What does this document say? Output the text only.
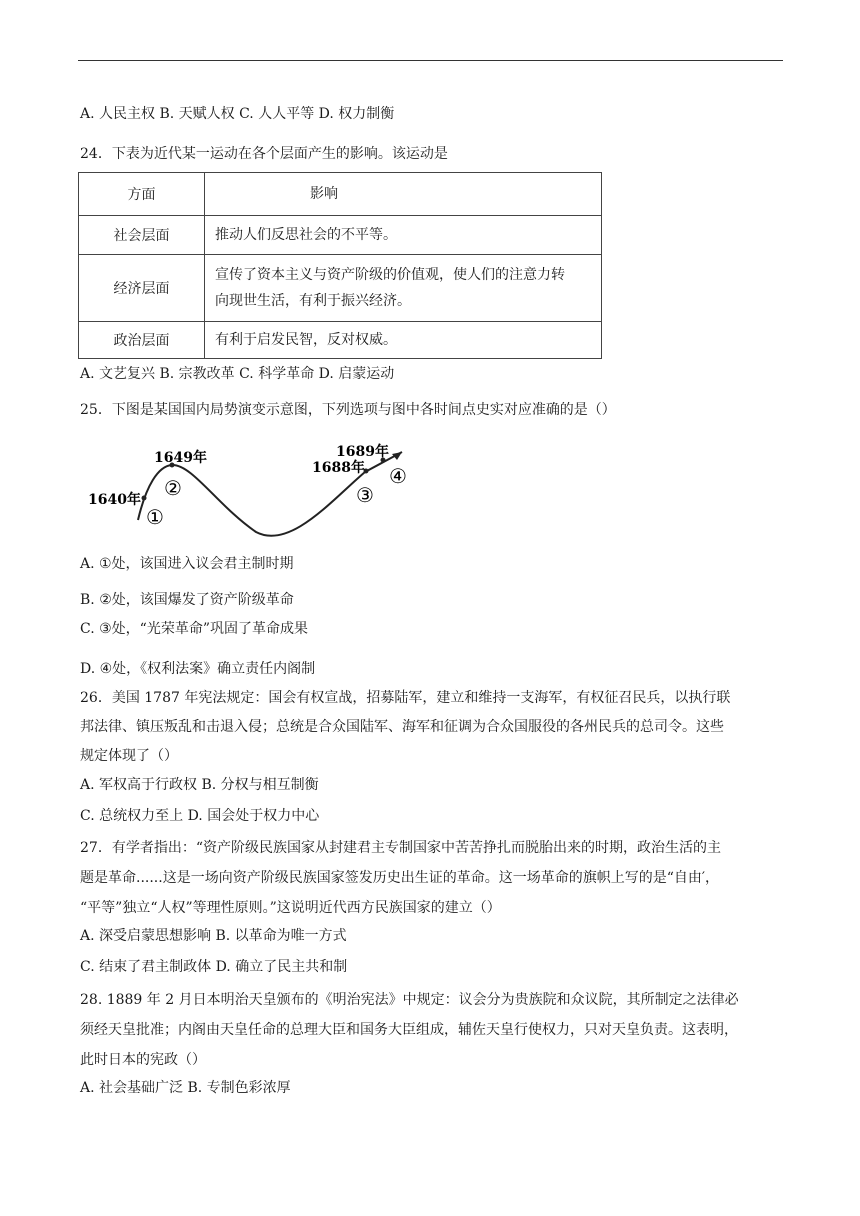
A. 人民主权 B. 天赋人权 C. 人人平等 D. 权力制衡
24．下表为近代某一运动在各个层面产生的影响。该运动是
方面	影响
社会层面	推动人们反思社会的不平等。
经济层面	宣传了资本主义与资产阶级的价值观，使人们的注意力转
向现世生活，有利于振兴经济。

政治层面	有利于启发民智，反对权威。
A. 文艺复兴 B. 宗教改革 C. 科学革命 D. 启蒙运动
25．下图是某国国内局势演变示意图，下列选项与图中各时间点史实对应准确的是（）
1640年
1649年
1688年
1689年
①
②	③
④
A. ①处，该国进入议会君主制时期
B. ②处，该国爆发了资产阶级革命
C. ③处，“光荣革命”巩固了革命成果
D. ④处，《权利法案》确立责任内阁制
26．美国 1787 年宪法规定：国会有权宣战，招募陆军，建立和维持一支海军，有权征召民兵，以执行联
邦法律、镇压叛乱和击退入侵；总统是合众国陆军、海军和征调为合众国服役的各州民兵的总司令。这些
规定体现了（）
A. 军权高于行政权 B. 分权与相互制衡
C. 总统权力至上 D. 国会处于权力中心
27．有学者指出：“资产阶级民族国家从封建君主专制国家中苦苦挣扎而脱胎出来的时期，政治生活的主
题是革命......这是一场向资产阶级民族国家签发历史出生证的革命。这一场革命的旗帜上写的是“自由′，
“平等”独立“人权”等理性原则。”这说明近代西方民族国家的建立（）
A. 深受启蒙思想影响 B. 以革命为唯一方式
C. 结束了君主制政体 D. 确立了民主共和制
28. 1889 年 2 月日本明治天皇颁布的《明治宪法》中规定：议会分为贵族院和众议院，其所制定之法律必
须经天皇批准；内阁由天皇任命的总理大臣和国务大臣组成，辅佐天皇行使权力，只对天皇负责。这表明，
此时日本的宪政（）
A. 社会基础广泛 B. 专制色彩浓厚
